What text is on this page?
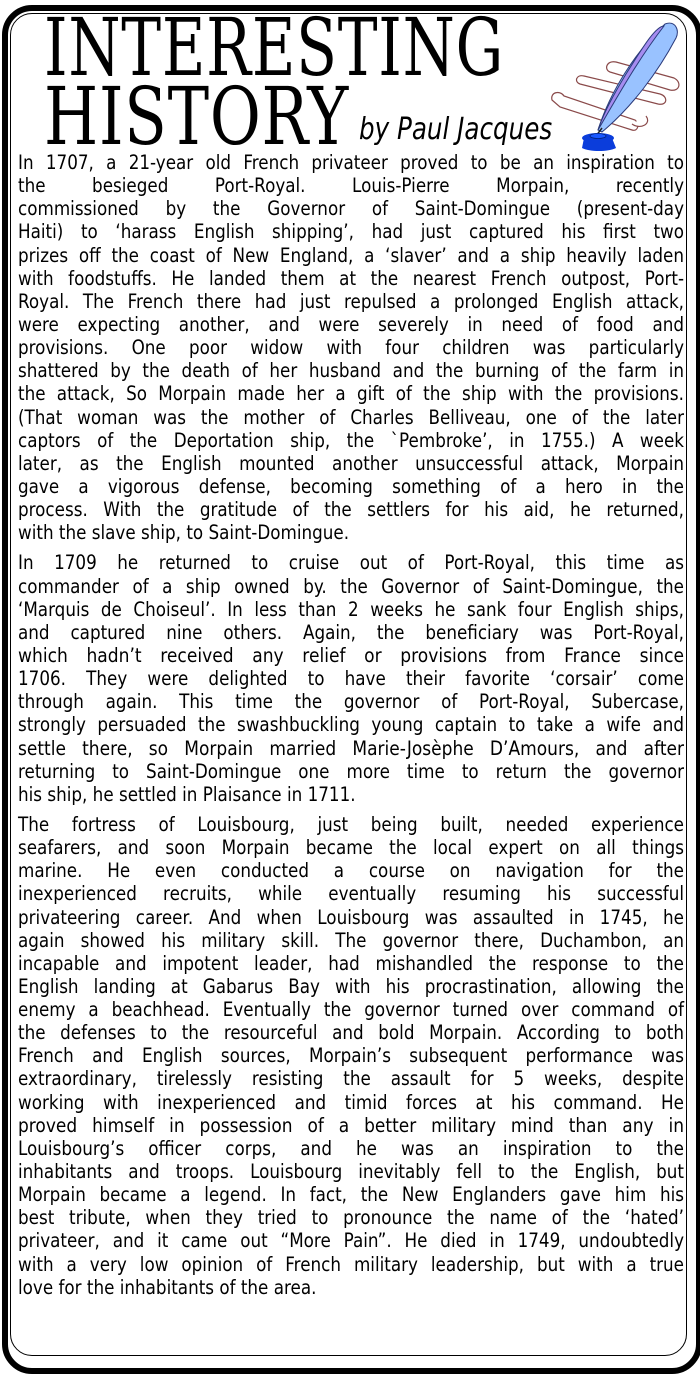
INTERESTING
HISTORY by Paul Jacques
In 1707, a 21-year old French privateer proved to be an inspiration to
the besieged Port-Royal. Louis-Pierre Morpain, recently
commissioned by the Governor of Saint-Domingue (present-day
Haiti) to ‘harass English shipping’, had just captured his first two
prizes off the coast of New England, a ‘slaver’ and a ship heavily laden
with foodstuffs. He landed them at the nearest French outpost, Port-
Royal. The French there had just repulsed a prolonged English attack,
were expecting another, and were severely in need of food and
provisions. One poor widow with four children was particularly
shattered by the death of her husband and the burning of the farm in
the attack, So Morpain made her a gift of the ship with the provisions.
(That woman was the mother of Charles Belliveau, one of the later
captors of the Deportation ship, the `Pembroke’, in 1755.) A week
later, as the English mounted another unsuccessful attack, Morpain
gave a vigorous defense, becoming something of a hero in the
process. With the gratitude of the settlers for his aid, he returned,
with the slave ship, to Saint-Domingue.
In 1709 he returned to cruise out of Port-Royal, this time as
commander of a ship owned by. the Governor of Saint-Domingue, the
‘Marquis de Choiseul’. In less than 2 weeks he sank four English ships,
and captured nine others. Again, the beneficiary was Port-Royal,
which hadn’t received any relief or provisions from France since
1706. They were delighted to have their favorite ‘corsair’ come
through again. This time the governor of Port-Royal, Subercase,
strongly persuaded the swashbuckling young captain to take a wife and
settle there, so Morpain married Marie-Josèphe D’Amours, and after
returning to Saint-Domingue one more time to return the governor
his ship, he settled in Plaisance in 1711.
The fortress of Louisbourg, just being built, needed experience
seafarers, and soon Morpain became the local expert on all things
marine. He even conducted a course on navigation for the
inexperienced recruits, while eventually resuming his successful
privateering career. And when Louisbourg was assaulted in 1745, he
again showed his military skill. The governor there, Duchambon, an
incapable and impotent leader, had mishandled the response to the
English landing at Gabarus Bay with his procrastination, allowing the
enemy a beachhead. Eventually the governor turned over command of
the defenses to the resourceful and bold Morpain. According to both
French and English sources, Morpain’s subsequent performance was
extraordinary, tirelessly resisting the assault for 5 weeks, despite
working with inexperienced and timid forces at his command. He
proved himself in possession of a better military mind than any in
Louisbourg’s officer corps, and he was an inspiration to the
inhabitants and troops. Louisbourg inevitably fell to the English, but
Morpain became a legend. In fact, the New Englanders gave him his
best tribute, when they tried to pronounce the name of the ‘hated’
privateer, and it came out “More Pain”. He died in 1749, undoubtedly
with a very low opinion of French military leadership, but with a true
love for the inhabitants of the area.
